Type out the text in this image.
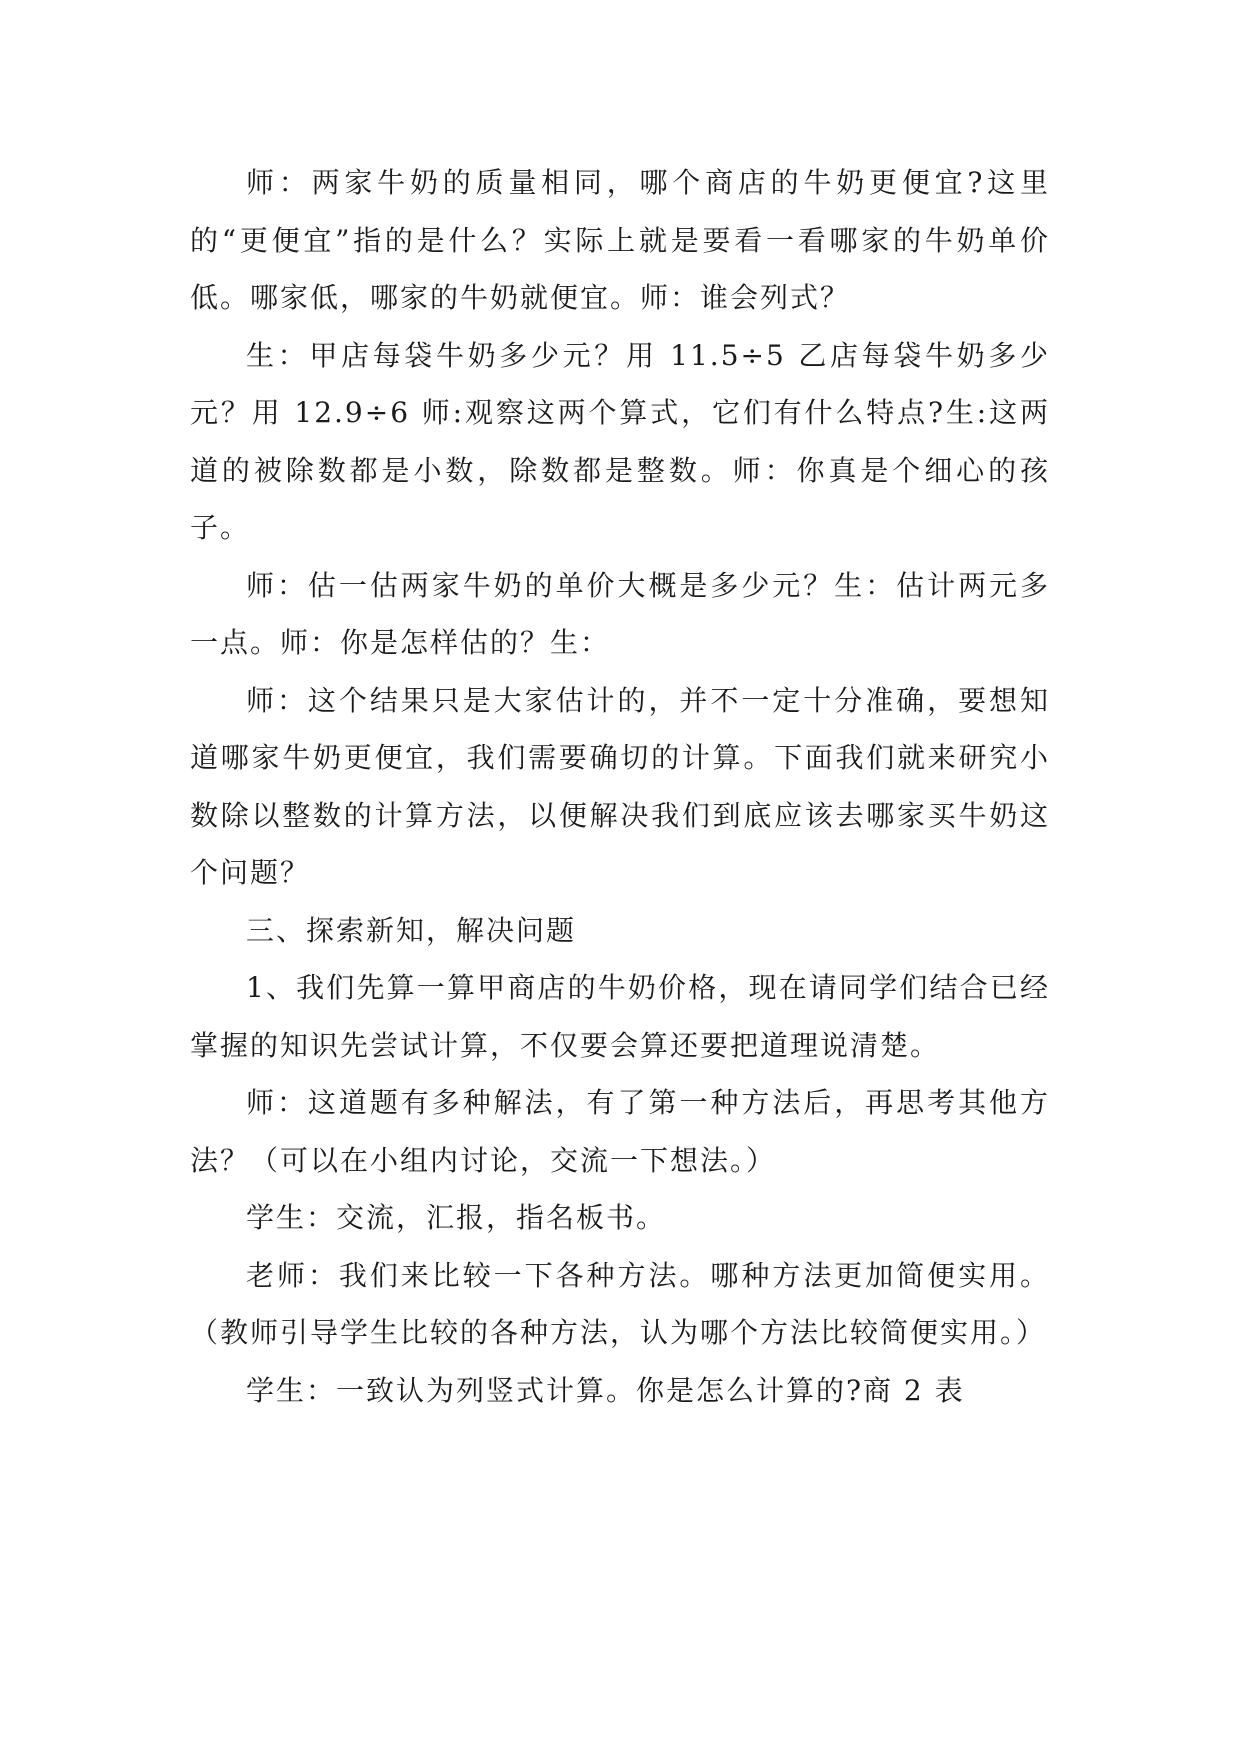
师：两家牛奶的质量相同，哪个商店的牛奶更便宜?这里的“更便宜”指的是什么？实际上就是要看一看哪家的牛奶单价低。哪家低，哪家的牛奶就便宜。师：谁会列式？

生：甲店每袋牛奶多少元？用 11.5÷5 乙店每袋牛奶多少元？用 12.9÷6 师:观察这两个算式，它们有什么特点?生:这两道的被除数都是小数，除数都是整数。师：你真是个细心的孩子。

师：估一估两家牛奶的单价大概是多少元？生：估计两元多一点。师：你是怎样估的？生：

师：这个结果只是大家估计的，并不一定十分准确，要想知道哪家牛奶更便宜，我们需要确切的计算。下面我们就来研究小数除以整数的计算方法，以便解决我们到底应该去哪家买牛奶这个问题？

三、探索新知，解决问题

1、我们先算一算甲商店的牛奶价格，现在请同学们结合已经掌握的知识先尝试计算，不仅要会算还要把道理说清楚。

师：这道题有多种解法，有了第一种方法后，再思考其他方法？（可以在小组内讨论，交流一下想法。）

学生：交流，汇报，指名板书。

老师：我们来比较一下各种方法。哪种方法更加简便实用。（教师引导学生比较的各种方法，认为哪个方法比较简便实用。）

学生：一致认为列竖式计算。你是怎么计算的?商 2 表
